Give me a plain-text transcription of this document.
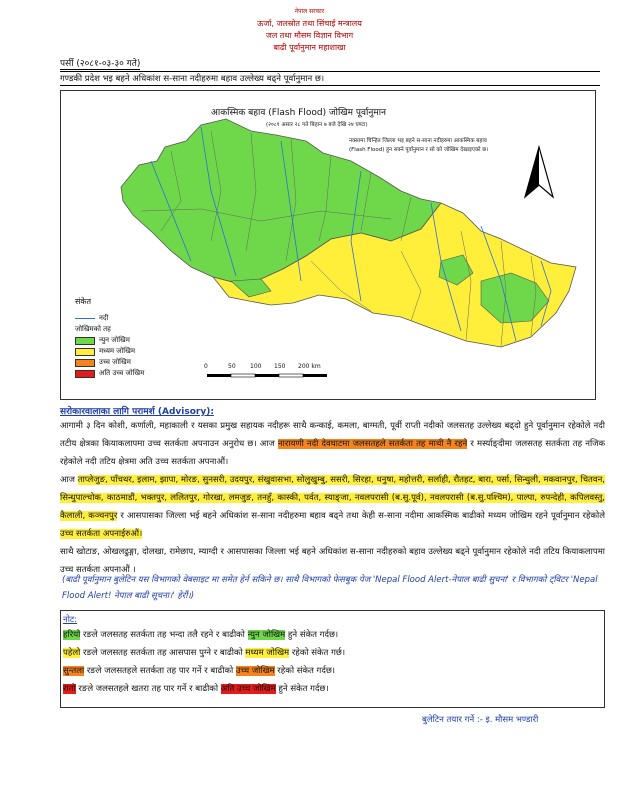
नेपाल सरकार
ऊर्जा, जलस्रोत तथा सिंचाई मन्त्रालय
जल तथा मौसम विज्ञान विभाग
बाढी पूर्वानुमान महाशाखा
पर्सी (२०८१-०३-३० गते)
गण्डकी प्रदेश भइ बहने अधिकांश स-साना नदीहरुमा बहाव उल्लेख्य बढ्ने पूर्वानुमान छ।
आकस्मिक बहाव (Flash Flood) जोखिम पूर्वानुमान
(२०८१ असार २८ गते बिहान ७ बजे देखि २४ घण्टा)
नक्सामा चिन्हित जिल्ला भइ बहने स-साना नदीहरुमा आकस्मिक बहाव
(Flash Flood) हुन सक्ने पूर्वानुमान र सो को जोखिम देखाइएको छ।
संकेत
नदी
जोखिमको तह
न्युन जोखिम
मध्यम जोखिम
उच्च जोखिम
अति उच्च जोखिम
0	50 100 150 200 km
सरोकारवालाका लागि परामर्श (Advisory):
आगामी ३ दिन कोशी, कर्णाली, महाकाली र यसका प्रमुख सहायक नदीहरू साथै कन्काई, कमला, बाग्मती, पूर्वी राप्ती नदीको जलसतह उल्लेख्य बढ्दो हुने पूर्वानुमान रहेकोले नदी तटीय क्षेत्रका कियाकलापमा उच्च सतर्कता अपनाउन अनुरोध छ। आज नारायणी नदी देवघाटमा जलसतहले सतर्कता तह माथी नै रहने र मर्स्याङ्दीमा जलसतह सतर्कता तह नजिक रहेकोले नदी तटिय क्षेत्रमा अति उच्च सतर्कता अपनाऔं।
आज ताप्लेजुङ, पाँचथर, इलाम, झापा, मोरङ, सुनसरी, उदयपुर, संखुवासभा, सोलुखुम्बु, ससरी, सिरहा, धनुषा, महोत्तरी, सर्लाही, रौतहट, बारा, पर्सा, सिन्धुली, मकवानपुर, चितवन, सिन्धुपाल्चोक, काठमाडौं, भक्तपुर, ललितपुर, गोरखा, लमजुङ, तनहुँ, कास्की, पर्वत, स्याङ्जा, नवलपरासी (ब.सु.पूर्व), नवलपरासी (ब.सु.पश्चिम), पाल्पा, रुपन्देही, कपिलवस्तु, कैलाली, कञ्चनपुर र आसपासका जिल्ला भई बहने अधिकांश स-साना नदीहरुमा बहाव बढ्ने तथा केही स-साना नदीमा आकस्मिक बाढीको मध्यम जोखिम रहने पूर्वानुमान रहेकोले उच्च सतर्कता अपनाईरुऔं।
साथै खोटाङ, ओखलढुङ्गा, दोलखा, रामेछाप, म्याग्दी र आसपासका जिल्ला भई बहने अधिकांश स-साना नदीहरुको बहाव उल्लेख्य बढ्ने पूर्वानुमान रहेकोले नदी तटिय कियाकलापमा उच्च सतर्कता अपनाऔं ।
(बाढी पूर्वानुमान बुलेटिन यस विभागको वेबसाइट मा समेत हेर्न सकिने छ। साथै विभागको फेसबुक पेज 'Nepal Flood Alert-नेपाल बाढी सुचना' र विभागको ट्विटर 'Nepal Flood Alert! नेपाल बाढी सूचना।' हेरौं।)
नोट:
हरियो रङले जलसतह सतर्कता तह भन्दा तलै रहने र बाढीको न्युन जोखिम हुने संकेत गर्दछ।
पहेलो रङले जलसतह सतर्कता तह आसपास पुग्ने र बाढीको मध्यम जोखिम रहेको संकेत गर्छ।
सुन्तला रङले जलसतहले सतर्कता तह पार गर्ने र बाढीको उच्च जोखिम रहेको संकेत गर्दछ।
रातो रङले जलसतहले खतरा तह पार गर्ने र बाढीको अति उच्च जोखिम हुने संकेत गर्दछ।
बुलेटिन तयार गर्ने :- इ. मौसम भण्डारी
